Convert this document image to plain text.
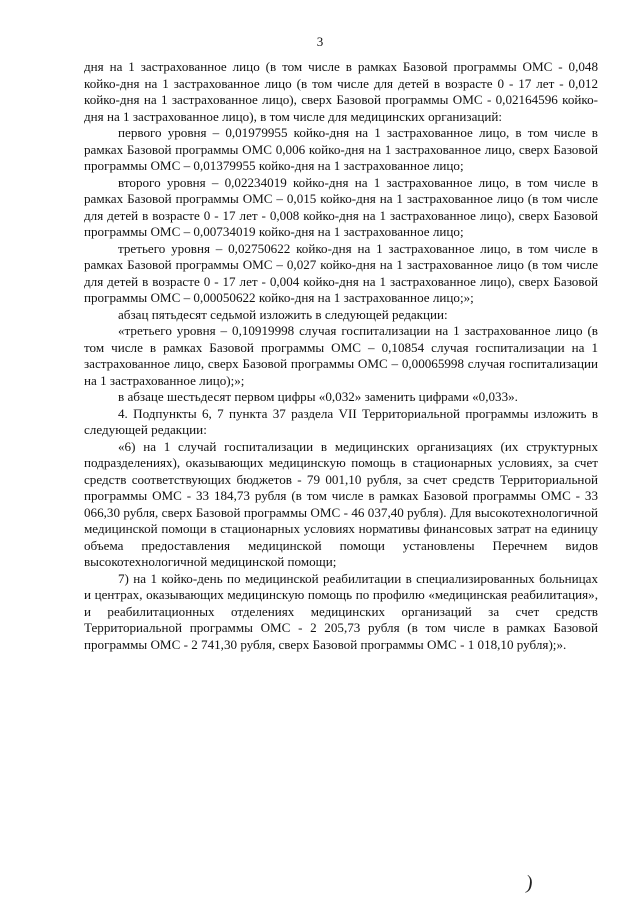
3

дня на 1 застрахованное лицо (в том числе в рамках Базовой программы ОМС - 0,048 койко-дня на 1 застрахованное лицо (в том числе для детей в возрасте 0 - 17 лет - 0,012 койко-дня на 1 застрахованное лицо), сверх Базовой программы ОМС - 0,02164596 койко-дня на 1 застрахованное лицо), в том числе для медицинских организаций:

первого уровня – 0,01979955 койко-дня на 1 застрахованное лицо, в том числе в рамках Базовой программы ОМС 0,006 койко-дня на 1 застрахованное лицо, сверх Базовой программы ОМС – 0,01379955 койко-дня на 1 застрахованное лицо;

второго уровня – 0,02234019 койко-дня на 1 застрахованное лицо, в том числе в рамках Базовой программы ОМС – 0,015 койко-дня на 1 застрахованное лицо (в том числе для детей в возрасте 0 - 17 лет - 0,008 койко-дня на 1 застрахованное лицо), сверх Базовой программы ОМС – 0,00734019 койко-дня на 1 застрахованное лицо;

третьего уровня – 0,02750622 койко-дня на 1 застрахованное лицо, в том числе в рамках Базовой программы ОМС – 0,027 койко-дня на 1 застрахованное лицо (в том числе для детей в возрасте 0 - 17 лет - 0,004 койко-дня на 1 застрахованное лицо), сверх Базовой программы ОМС – 0,00050622 койко-дня на 1 застрахованное лицо;»;

абзац пятьдесят седьмой изложить в следующей редакции:

«третьего уровня – 0,10919998 случая госпитализации на 1 застрахованное лицо (в том числе в рамках Базовой программы ОМС – 0,10854 случая госпитализации на 1 застрахованное лицо, сверх Базовой программы ОМС – 0,00065998 случая госпитализации на 1 застрахованное лицо);»;

в абзаце шестьдесят первом цифры «0,032» заменить цифрами «0,033».

4. Подпункты 6, 7 пункта 37 раздела VII Территориальной программы изложить в следующей редакции:

«6) на 1 случай госпитализации в медицинских организациях (их структурных подразделениях), оказывающих медицинскую помощь в стационарных условиях, за счет средств соответствующих бюджетов - 79 001,10 рубля, за счет средств Территориальной программы ОМС - 33 184,73 рубля (в том числе в рамках Базовой программы ОМС - 33 066,30 рубля, сверх Базовой программы ОМС - 46 037,40 рубля). Для высокотехнологичной медицинской помощи в стационарных условиях нормативы финансовых затрат на единицу объема предоставления медицинской помощи установлены Перечнем видов высокотехнологичной медицинской помощи;

7) на 1 койко-день по медицинской реабилитации в специализированных больницах и центрах, оказывающих медицинскую помощь по профилю «медицинская реабилитация», и реабилитационных отделениях медицинских организаций за счет средств Территориальной программы ОМС - 2 205,73 рубля (в том числе в рамках Базовой программы ОМС - 2 741,30 рубля, сверх Базовой программы ОМС - 1 018,10 рубля);».

)
